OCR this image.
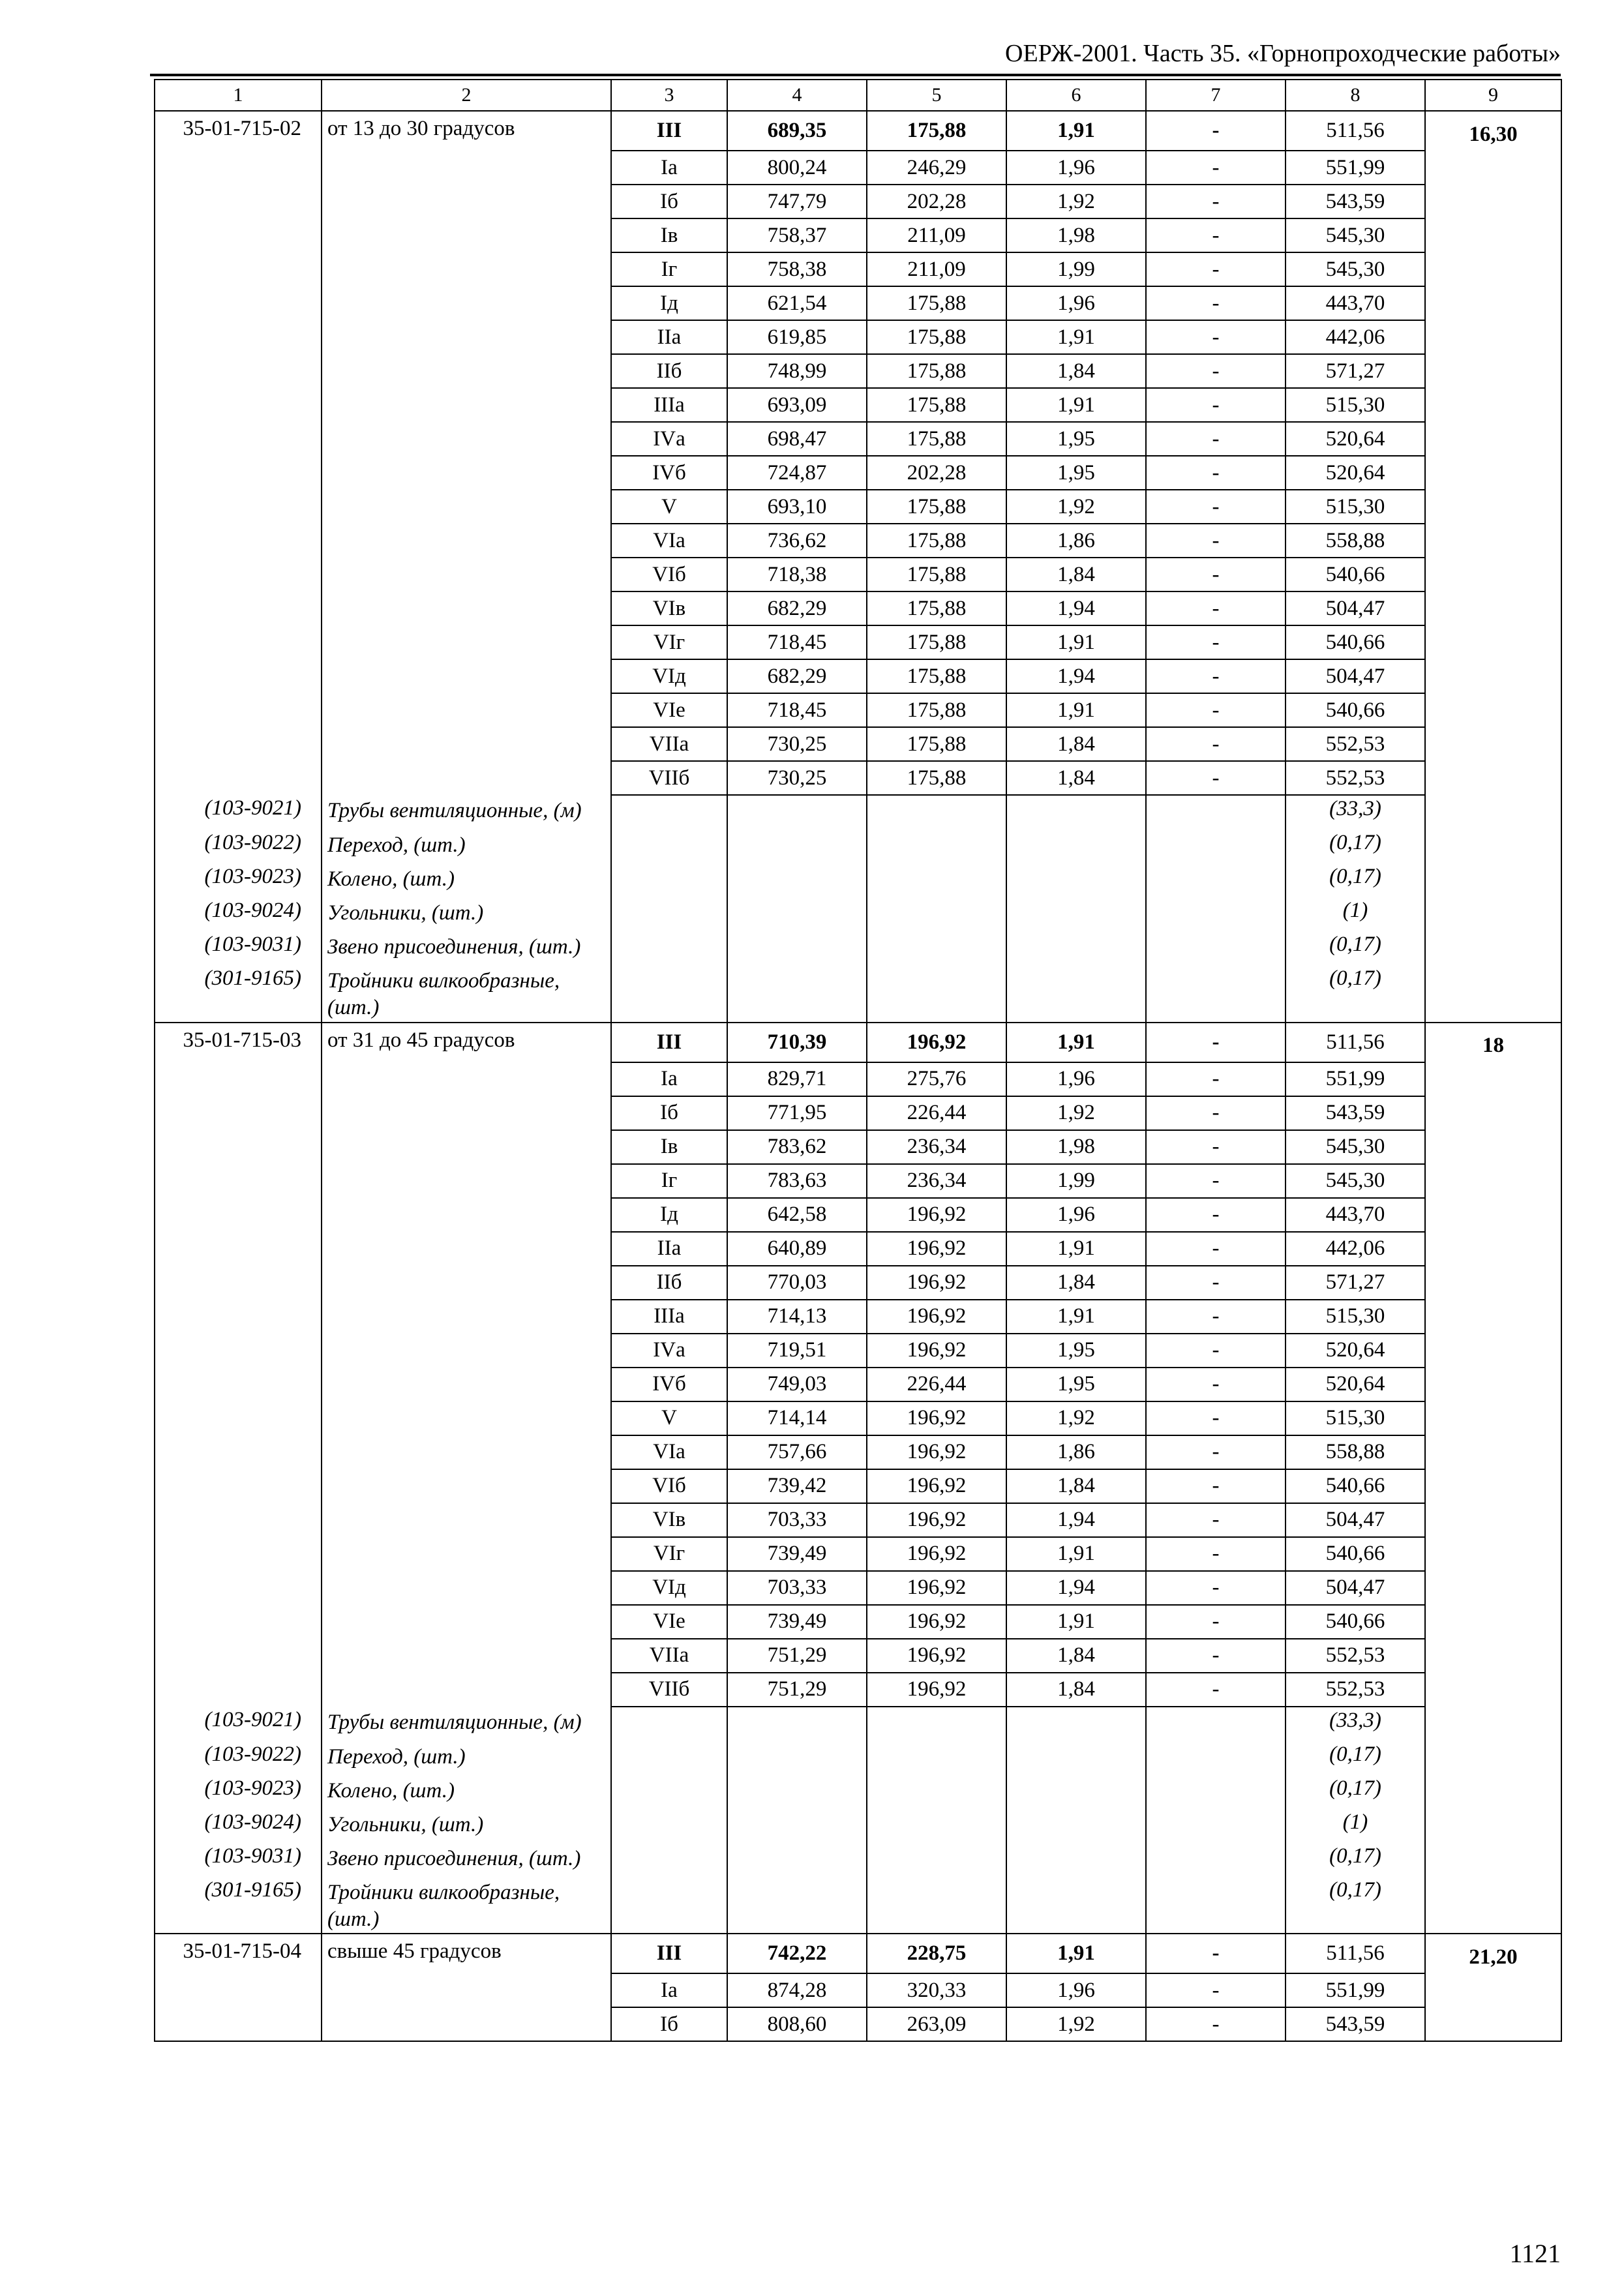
ОЕРЖ-2001. Часть 35. «Горнопроходческие работы»
1	2	3	4	5	6	7	8	9
35-01-715-02	от 13 до 30 градусов	III	689,35	175,88	1,91	-	511,56	16,30
		Iа	800,24	246,29	1,96	-	551,99	
		Iб	747,79	202,28	1,92	-	543,59	
		Iв	758,37	211,09	1,98	-	545,30	
		Iг	758,38	211,09	1,99	-	545,30	
		Iд	621,54	175,88	1,96	-	443,70	
		IIа	619,85	175,88	1,91	-	442,06	
		IIб	748,99	175,88	1,84	-	571,27	
		IIIа	693,09	175,88	1,91	-	515,30	
		IVа	698,47	175,88	1,95	-	520,64	
		IVб	724,87	202,28	1,95	-	520,64	
		V	693,10	175,88	1,92	-	515,30	
		VIа	736,62	175,88	1,86	-	558,88	
		VIб	718,38	175,88	1,84	-	540,66	
		VIв	682,29	175,88	1,94	-	504,47	
		VIг	718,45	175,88	1,91	-	540,66	
		VIд	682,29	175,88	1,94	-	504,47	
		VIе	718,45	175,88	1,91	-	540,66	
		VIIа	730,25	175,88	1,84	-	552,53	
		VIIб	730,25	175,88	1,84	-	552,53	
(103-9021)	Трубы вентиляционные, (м)						(33,3)	
(103-9022)	Переход, (шт.)						(0,17)	
(103-9023)	Колено, (шт.)						(0,17)	
(103-9024)	Угольники, (шт.)						(1)	
(103-9031)	Звено присоединения, (шт.)						(0,17)	
(301-9165)	Тройники вилкообразные, (шт.)						(0,17)	
35-01-715-03	от 31 до 45 градусов	III	710,39	196,92	1,91	-	511,56	18
		Iа	829,71	275,76	1,96	-	551,99	
		Iб	771,95	226,44	1,92	-	543,59	
		Iв	783,62	236,34	1,98	-	545,30	
		Iг	783,63	236,34	1,99	-	545,30	
		Iд	642,58	196,92	1,96	-	443,70	
		IIа	640,89	196,92	1,91	-	442,06	
		IIб	770,03	196,92	1,84	-	571,27	
		IIIа	714,13	196,92	1,91	-	515,30	
		IVа	719,51	196,92	1,95	-	520,64	
		IVб	749,03	226,44	1,95	-	520,64	
		V	714,14	196,92	1,92	-	515,30	
		VIа	757,66	196,92	1,86	-	558,88	
		VIб	739,42	196,92	1,84	-	540,66	
		VIв	703,33	196,92	1,94	-	504,47	
		VIг	739,49	196,92	1,91	-	540,66	
		VIд	703,33	196,92	1,94	-	504,47	
		VIе	739,49	196,92	1,91	-	540,66	
		VIIа	751,29	196,92	1,84	-	552,53	
		VIIб	751,29	196,92	1,84	-	552,53	
(103-9021)	Трубы вентиляционные, (м)						(33,3)	
(103-9022)	Переход, (шт.)						(0,17)	
(103-9023)	Колено, (шт.)						(0,17)	
(103-9024)	Угольники, (шт.)						(1)	
(103-9031)	Звено присоединения, (шт.)						(0,17)	
(301-9165)	Тройники вилкообразные, (шт.)						(0,17)	
35-01-715-04	свыше 45 градусов	III	742,22	228,75	1,91	-	511,56	21,20
		Iа	874,28	320,33	1,96	-	551,99	
		Iб	808,60	263,09	1,92	-	543,59	
1121
